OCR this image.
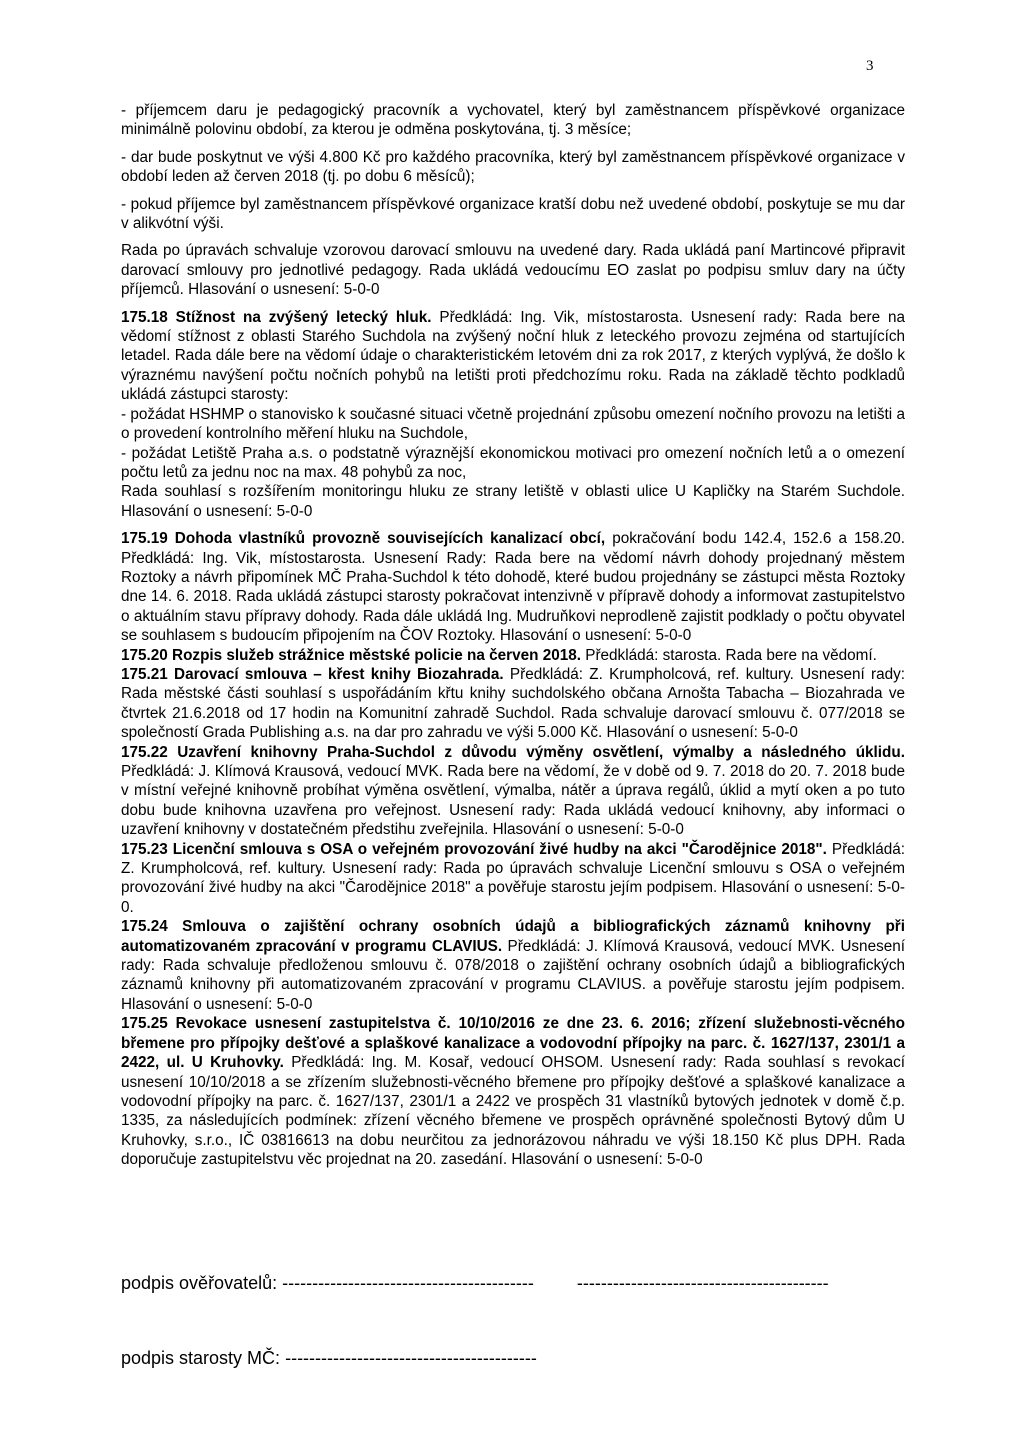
3

- příjemcem daru je pedagogický pracovník a vychovatel, který byl zaměstnancem příspěvkové organizace minimálně polovinu období, za kterou je odměna poskytována, tj. 3 měsíce;

- dar bude poskytnut ve výši 4.800 Kč pro každého pracovníka, který byl zaměstnancem příspěvkové organizace v období leden až červen 2018 (tj. po dobu 6 měsíců);

- pokud příjemce byl zaměstnancem příspěvkové organizace kratší dobu než uvedené období, poskytuje se mu dar v alikvótní výši.

Rada po úpravách schvaluje vzorovou darovací smlouvu na uvedené dary. Rada ukládá paní Martincové připravit darovací smlouvy pro jednotlivé pedagogy. Rada ukládá vedoucímu EO zaslat po podpisu smluv dary na účty příjemců. Hlasování o usnesení: 5-0-0

175.18 Stížnost na zvýšený letecký hluk. Předkládá: Ing. Vik, místostarosta. Usnesení rady: Rada bere na vědomí stížnost z oblasti Starého Suchdola na zvýšený noční hluk z leteckého provozu zejména od startujících letadel. Rada dále bere na vědomí údaje o charakteristickém letovém dni za rok 2017, z kterých vyplývá, že došlo k výraznému navýšení počtu nočních pohybů na letišti proti předchozímu roku. Rada na základě těchto podkladů ukládá zástupci starosty:

- požádat HSHMP o stanovisko k současné situaci včetně projednání způsobu omezení nočního provozu na letišti a o provedení kontrolního měření hluku na Suchdole,

- požádat Letiště Praha a.s. o podstatně výraznější ekonomickou motivaci pro omezení nočních letů a o omezení počtu letů za jednu noc na max. 48 pohybů za noc,

Rada souhlasí s rozšířením monitoringu hluku ze strany letiště v oblasti ulice U Kapličky na Starém Suchdole. Hlasování o usnesení: 5-0-0

175.19 Dohoda vlastníků provozně souvisejících kanalizací obcí, pokračování bodu 142.4, 152.6 a 158.20. Předkládá: Ing. Vik, místostarosta. Usnesení Rady: Rada bere na vědomí návrh dohody projednaný městem Roztoky a návrh připomínek MČ Praha-Suchdol k této dohodě, které budou projednány se zástupci města Roztoky dne 14. 6. 2018. Rada ukládá zástupci starosty pokračovat intenzivně v přípravě dohody a informovat zastupitelstvo o aktuálním stavu přípravy dohody. Rada dále ukládá Ing. Mudruňkovi neprodleně zajistit podklady o počtu obyvatel se souhlasem s budoucím připojením na ČOV Roztoky. Hlasování o usnesení: 5-0-0

175.20 Rozpis služeb strážnice městské policie na červen 2018. Předkládá: starosta. Rada bere na vědomí.

175.21 Darovací smlouva – křest knihy Biozahrada. Předkládá: Z. Krumpholcová, ref. kultury. Usnesení rady: Rada městské části souhlasí s uspořádáním křtu knihy suchdolského občana Arnošta Tabacha – Biozahrada ve čtvrtek 21.6.2018 od 17 hodin na Komunitní zahradě Suchdol. Rada schvaluje darovací smlouvu č. 077/2018 se společností Grada Publishing a.s. na dar pro zahradu ve výši 5.000 Kč. Hlasování o usnesení: 5-0-0

175.22 Uzavření knihovny Praha-Suchdol z důvodu výměny osvětlení, výmalby a následného úklidu. Předkládá: J. Klímová Krausová, vedoucí MVK. Rada bere na vědomí, že v době od 9. 7. 2018 do 20. 7. 2018 bude v místní veřejné knihovně probíhat výměna osvětlení, výmalba, nátěr a úprava regálů, úklid a mytí oken a po tuto dobu bude knihovna uzavřena pro veřejnost. Usnesení rady: Rada ukládá vedoucí knihovny, aby informaci o uzavření knihovny v dostatečném předstihu zveřejnila. Hlasování o usnesení: 5-0-0

175.23 Licenční smlouva s OSA o veřejném provozování živé hudby na akci "Čarodějnice 2018". Předkládá: Z. Krumpholcová, ref. kultury. Usnesení rady: Rada po úpravách schvaluje Licenční smlouvu s OSA o veřejném provozování živé hudby na akci "Čarodějnice 2018" a pověřuje starostu jejím podpisem. Hlasování o usnesení: 5-0-0.

175.24 Smlouva o zajištění ochrany osobních údajů a bibliografických záznamů knihovny při automatizovaném zpracování v programu CLAVIUS. Předkládá: J. Klímová Krausová, vedoucí MVK. Usnesení rady: Rada schvaluje předloženou smlouvu č. 078/2018 o zajištění ochrany osobních údajů a bibliografických záznamů knihovny při automatizovaném zpracování v programu CLAVIUS. a pověřuje starostu jejím podpisem. Hlasování o usnesení: 5-0-0

175.25 Revokace usnesení zastupitelstva č. 10/10/2016 ze dne 23. 6. 2016; zřízení služebnosti-věcného břemene pro přípojky dešťové a splaškové kanalizace a vodovodní přípojky na parc. č. 1627/137, 2301/1 a 2422, ul. U Kruhovky. Předkládá: Ing. M. Kosař, vedoucí OHSOM. Usnesení rady: Rada souhlasí s revokací usnesení 10/10/2018 a se zřízením služebnosti-věcného břemene pro přípojky dešťové a splaškové kanalizace a vodovodní přípojky na parc. č. 1627/137, 2301/1 a 2422 ve prospěch 31 vlastníků bytových jednotek v domě č.p. 1335, za následujících podmínek: zřízení věcného břemene ve prospěch oprávněné společnosti Bytový dům U Kruhovky, s.r.o., IČ 03816613 na dobu neurčitou za jednorázovou náhradu ve výši 18.150 Kč plus DPH. Rada doporučuje zastupitelstvu věc projednat na 20. zasedání. Hlasování o usnesení: 5-0-0

podpis ověřovatelů: ------------------------------------------ ------------------------------------------
podpis starosty MČ: ------------------------------------------
